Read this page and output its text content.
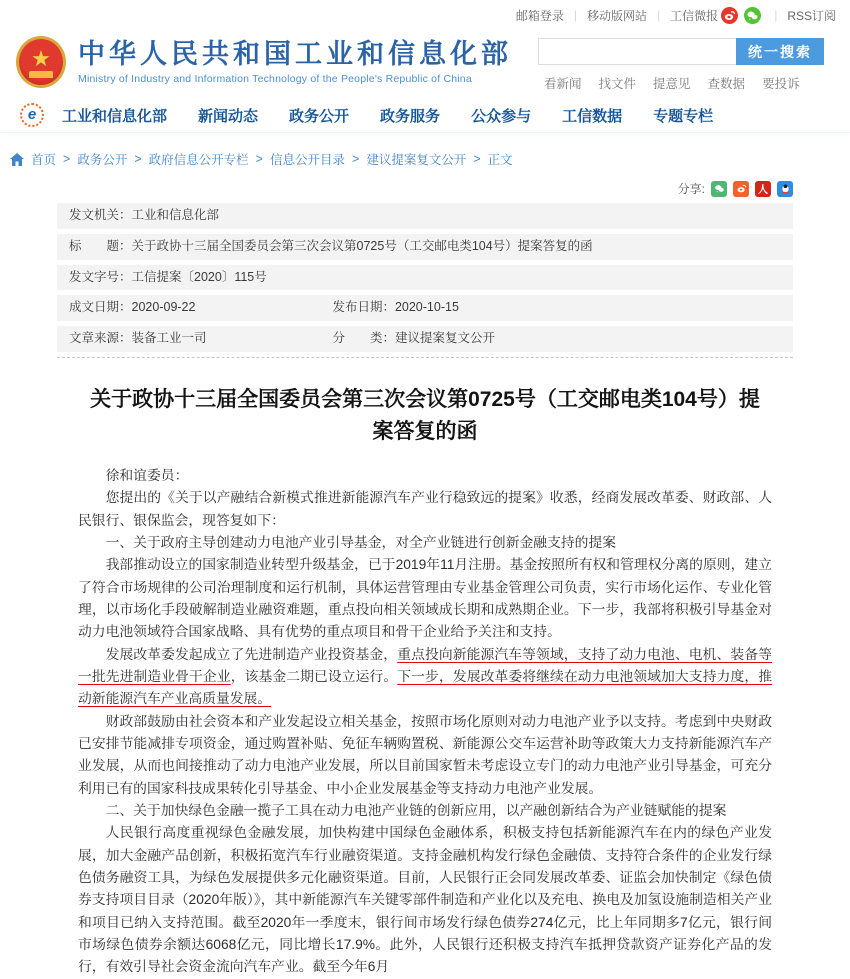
邮箱登录 | 移动版网站 | 工信微报	| RSS订阅
★ 中华人民共和国工业和信息化部
Ministry of Industry and Information Technology of the People's Republic of China
统一搜索
看新闻 找文件 提意见 查数据 要投诉
e 工业和信息化部 新闻动态 政务公开 政务服务 公众参与 工信数据 专题专栏
首页 > 政务公开 > 政府信息公开专栏 > 信息公开目录 > 建议提案复文公开 > 正文
分享:	人
发文机关：工业和信息化部
标　　题：关于政协十三届全国委员会第三次会议第0725号（工交邮电类104号）提案答复的函
发文字号：工信提案〔2020〕115号
成文日期：2020-09-22	发布日期：2020-10-15
文章来源：装备工业一司	分　　类：建议提案复文公开
关于政协十三届全国委员会第三次会议第0725号（工交邮电类104号）提案答复的函

徐和谊委员：

您提出的《关于以产融结合新模式推进新能源汽车产业行稳致远的提案》收悉，经商发展改革委、财政部、人民银行、银保监会，现答复如下：

一、关于政府主导创建动力电池产业引导基金，对全产业链进行创新金融支持的提案

我部推动设立的国家制造业转型升级基金，已于2019年11月注册。基金按照所有权和管理权分离的原则，建立了符合市场规律的公司治理制度和运行机制，具体运营管理由专业基金管理公司负责，实行市场化运作、专业化管理，以市场化手段破解制造业融资难题，重点投向相关领域成长期和成熟期企业。下一步，我部将积极引导基金对动力电池领域符合国家战略、具有优势的重点项目和骨干企业给予关注和支持。

发展改革委发起成立了先进制造产业投资基金，重点投向新能源汽车等领域，支持了动力电池、电机、装备等一批先进制造业骨干企业，该基金二期已设立运行。下一步，发展改革委将继续在动力电池领域加大支持力度，推动新能源汽车产业高质量发展。

财政部鼓励由社会资本和产业发起设立相关基金，按照市场化原则对动力电池产业予以支持。考虑到中央财政已安排节能减排专项资金，通过购置补贴、免征车辆购置税、新能源公交车运营补助等政策大力支持新能源汽车产业发展，从而也间接推动了动力电池产业发展，所以目前国家暂未考虑设立专门的动力电池产业引导基金，可充分利用已有的国家科技成果转化引导基金、中小企业发展基金等支持动力电池产业发展。

二、关于加快绿色金融一揽子工具在动力电池产业链的创新应用，以产融创新结合为产业链赋能的提案

人民银行高度重视绿色金融发展，加快构建中国绿色金融体系，积极支持包括新能源汽车在内的绿色产业发展，加大金融产品创新，积极拓宽汽车行业融资渠道。支持金融机构发行绿色金融债、支持符合条件的企业发行绿色债务融资工具，为绿色发展提供多元化融资渠道。目前，人民银行正会同发展改革委、证监会加快制定《绿色债券支持项目目录（2020年版）》，其中新能源汽车关键零部件制造和产业化以及充电、换电及加氢设施制造相关产业和项目已纳入支持范围。截至2020年一季度末，银行间市场发行绿色债券274亿元，比上年同期多7亿元，银行间市场绿色债券余额达6068亿元，同比增长17.9%。此外，人民银行还积极支持汽车抵押贷款资产证券化产品的发行，有效引导社会资金流向汽车产业。截至今年6月
